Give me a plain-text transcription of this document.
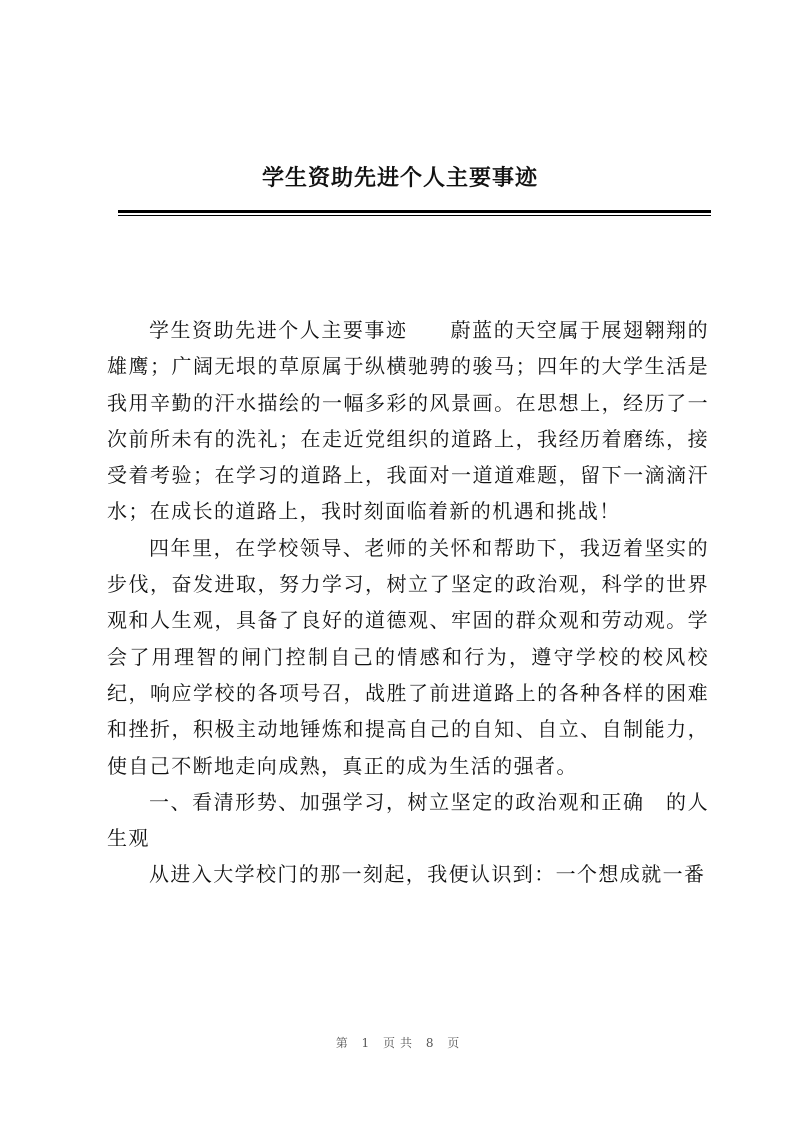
学生资助先进个人主要事迹

学生资助先进个人主要事迹　　蔚蓝的天空属于展翅翱翔的雄鹰；广阔无垠的草原属于纵横驰骋的骏马；四年的大学生活是我用辛勤的汗水描绘的一幅多彩的风景画。在思想上，经历了一次前所未有的洗礼；在走近党组织的道路上，我经历着磨练，接受着考验；在学习的道路上，我面对一道道难题，留下一滴滴汗水；在成长的道路上，我时刻面临着新的机遇和挑战！

四年里，在学校领导、老师的关怀和帮助下，我迈着坚实的步伐，奋发进取，努力学习，树立了坚定的政治观，科学的世界观和人生观，具备了良好的道德观、牢固的群众观和劳动观。学会了用理智的闸门控制自己的情感和行为，遵守学校的校风校纪，响应学校的各项号召，战胜了前进道路上的各种各样的困难和挫折，积极主动地锤炼和提高自己的自知、自立、自制能力，使自己不断地走向成熟，真正的成为生活的强者。

一、看清形势、加强学习，树立坚定的政治观和正确　的人生观

从进入大学校门的那一刻起，我便认识到：一个想成就一番

第 1 页共 8 页
